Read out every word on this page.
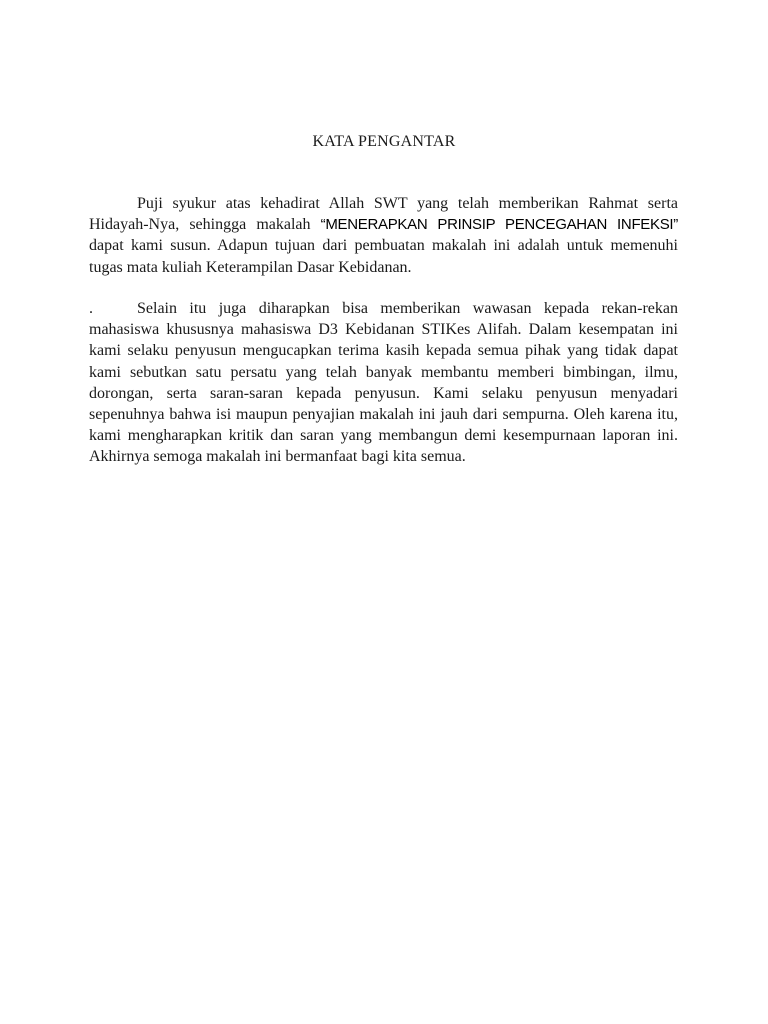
KATA PENGANTAR

Puji syukur atas kehadirat Allah SWT yang telah memberikan Rahmat serta Hidayah-Nya, sehingga makalah “MENERAPKAN PRINSIP PENCEGAHAN INFEKSI” dapat kami susun. Adapun tujuan dari pembuatan makalah ini adalah untuk memenuhi tugas mata kuliah Keterampilan Dasar Kebidanan.

.	Selain itu juga diharapkan bisa memberikan wawasan kepada rekan-rekan mahasiswa khususnya mahasiswa D3 Kebidanan STIKes Alifah. Dalam kesempatan ini kami selaku penyusun mengucapkan terima kasih kepada semua pihak yang tidak dapat kami sebutkan satu persatu yang telah banyak membantu memberi bimbingan, ilmu, dorongan, serta saran-saran kepada penyusun. Kami selaku penyusun menyadari sepenuhnya bahwa isi maupun penyajian makalah ini jauh dari sempurna. Oleh karena itu, kami mengharapkan kritik dan saran yang membangun demi kesempurnaan laporan ini. Akhirnya semoga makalah ini bermanfaat bagi kita semua.
